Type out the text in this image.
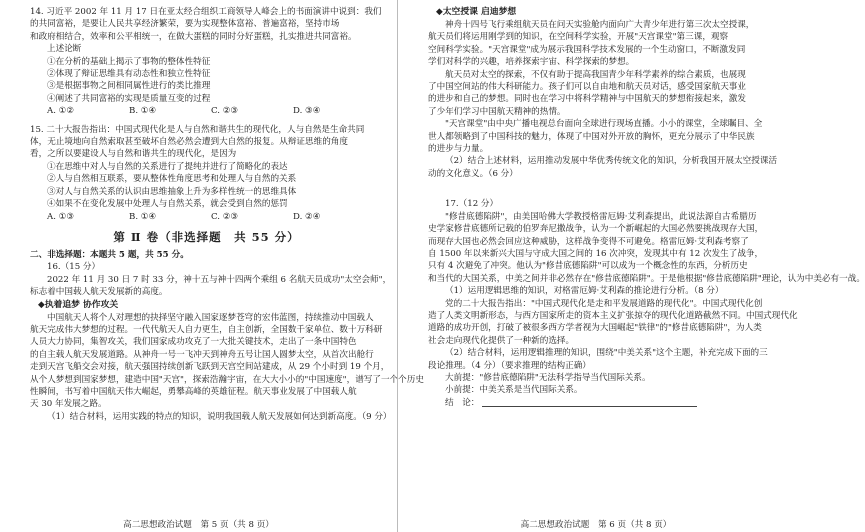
14. 习近平 2002 年 11 月 17 日在亚太经合组织工商领导人峰会上的书面演讲中说到：我们
的共同富裕，是要让人民共享经济繁荣，要为实现整体富裕、普遍富裕，坚持市场
和政府相结合，效率和公平相统一，在做大蛋糕的同时分好蛋糕，扎实推进共同富裕。
上述论断
①在分析的基础上揭示了事物的整体性特征
②体现了辩证思维具有动态性和独立性特征
③是根据事物之间相同属性进行的类比推理
④阐述了共同富裕的实现是质量互变的过程
A. ①②	B. ①④	C. ②③	D. ③④
15. 二十大报告指出：中国式现代化是人与自然和谐共生的现代化，人与自然是生命共同
体，无止境地向自然索取甚至破坏自然必然会遭到大自然的报复。从辩证思维的角度
看，之所以要建设人与自然和谐共生的现代化，是因为
①在思维中对人与自然的关系进行了提纯并进行了简略化的表达
②人与自然相互联系，要从整体性角度思考和处理人与自然的关系
③对人与自然关系的认识由思维抽象上升为多样性统一的思维具体
④如果不在变化发展中处理人与自然关系，就会受到自然的惩罚
A. ①③	B. ①④	C. ②③	D. ②④
第 Ⅱ 卷（非选择题　共 55 分）
二、非选择题：本题共 5 题，共 55 分。
16.（15 分）
2022 年 11 月 30 日 7 时 33 分，神十五与神十四两个乘组 6 名航天员成功"太空会师"，
标志着中国载人航天发展新的高度。
◆执着追梦 协作攻关
中国航天人将个人对理想的抉择坚守融入国家逐梦苍穹的宏伟蓝图，持续推动中国载人
航天完成伟大梦想的过程。一代代航天人自力更生，自主创新，全国数千家单位、数十万科研
人员大力协同，集智攻关，我们国家成功攻克了一大批关键技术，走出了一条中国特色
的自主载人航天发展道路。从神舟一号一飞冲天到神舟五号让国人圆梦太空，从首次出舱行
走到天宫飞船交会对接，航天强国持续创新飞跃到天宫空间站建成，从 29 个小时到 19 个月，
从个人梦想到国家梦想，建造中国"天宫"，探索浩瀚宇宙，在大大小小的"中国速度"，谱写了一个个历史
性瞬间，书写着中国航天伟大崛起，勇攀高峰的英雄征程。航天事业发展了中国载人航
天 30 年发展之路。
（1）结合材料，运用实践的特点的知识，说明我国载人航天发展如何达到新高度。（9 分）
高二思想政治试题　第 5 页（共 8 页）
◆太空授课 启迪梦想
神舟十四号飞行乘组航天员在问天实验舱内面向广大青少年进行第三次太空授课，
航天员们将运用刚学到的知识，在空间科学实验，开展"天宫课堂"第三课，观察
空间科学实验。"天宫课堂"成为展示我国科学技术发展的一个生动窗口，不断激发同
学们对科学的兴趣，培养探索宇宙、科学探索的梦想。
航天员对太空的探索，不仅有助于提高我国青少年科学素养的综合素质，也展现
了中国空间站的伟大科研能力。孩子们可以自由地和航天员对话，感受国家航天事业
的进步和自己的梦想。同时也在学习中将科学精神与中国航天的梦想衔接起来，激发
了少年们学习中国航天精神的热情。
"天宫课堂"由中央广播电视总台面向全球进行现场直播。小小的课堂，全球瞩目、全
世人都领略到了中国科技的魅力，体现了中国对外开放的胸怀，更充分展示了中华民族
的进步与力量。
（2）结合上述材料，运用推动发展中华优秀传统文化的知识，分析我国开展太空授课活
动的文化意义。（6 分）
17.（12 分）
"修昔底德陷阱"，由美国哈佛大学教授格雷厄姆·艾利森提出，此说法源自古希腊历
史学家修昔底德所记载的伯罗奔尼撒战争，认为一个新崛起的大国必然要挑战现存大国，
而现存大国也必然会回应这种威胁，这样战争变得不可避免。格雷厄姆·艾利森考察了
自 1500 年以来新兴大国与守成大国之间的 16 次冲突，发现其中有 12 次发生了战争，
只有 4 次避免了冲突。他认为"修昔底德陷阱"可以成为一个概念性的东西，分析历史
和当代的大国关系，中美之间并非必然存在"修昔底德陷阱"。于是他根据"修昔底德陷阱"理论，认为中美必有一战。
（1）运用逻辑思维的知识，对格雷厄姆·艾利森的推论进行分析。（8 分）
党的二十大报告指出："中国式现代化是走和平发展道路的现代化"。中国式现代化创
造了人类文明新形态，与西方国家所走的资本主义扩张掠夺的现代化道路截然不同。中国式现代化
道路的成功开创，打破了被很多西方学者视为大国崛起"铁律"的"修昔底德陷阱"，为人类
社会走向现代化提供了一种新的选择。
（2）结合材料，运用逻辑推理的知识，围绕"中美关系"这个主题，补充完成下面的三
段论推理。（4 分）（要求推理的结构正确）
大前提："修昔底德陷阱"无法科学指导当代国际关系。
小前提：中美关系是当代国际关系。
结　论：
高二思想政治试题　第 6 页（共 8 页）
